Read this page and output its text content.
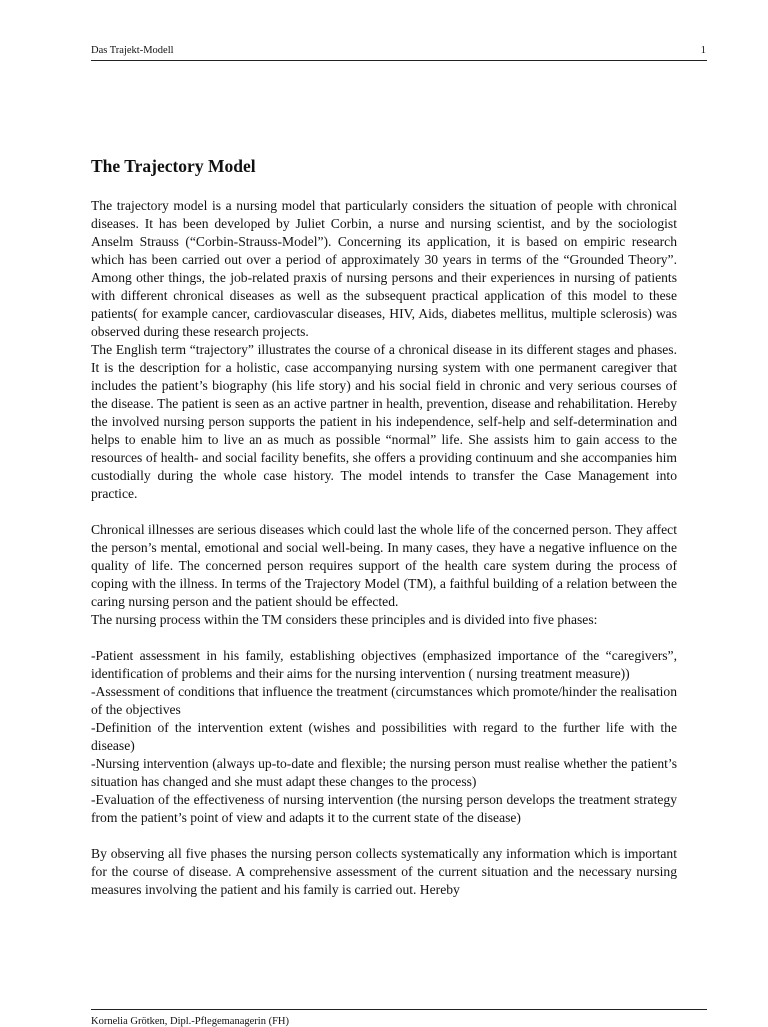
Das Trajekt-Modell	1
The Trajectory Model

The trajectory model is a nursing model that particularly considers the situation of people with chronical diseases. It has been developed by Juliet Corbin, a nurse and nursing scientist, and by the sociologist Anselm Strauss (“Corbin-Strauss-Model”). Concerning its application, it is based on empiric research which has been carried out over a period of approximately 30 years in terms of the “Grounded Theory”. Among other things, the job-related praxis of nursing persons and their experiences in nursing of patients with different chronical diseases as well as the subsequent practical application of this model to these patients( for example cancer, cardiovascular diseases, HIV, Aids, diabetes mellitus, multiple sclerosis) was observed during these research projects.

The English term “trajectory” illustrates the course of a chronical disease in its different stages and phases. It is the description for a holistic, case accompanying nursing system with one permanent caregiver that includes the patient’s biography (his life story) and his social field in chronic and very serious courses of the disease. The patient is seen as an active partner in health, prevention, disease and rehabilitation. Hereby the involved nursing person supports the patient in his independence, self-help and self-determination and helps to enable him to live an as much as possible “normal” life. She assists him to gain access to the resources of health- and social facility benefits, she offers a providing continuum and she accompanies him custodially during the whole case history. The model intends to transfer the Case Management into practice.

Chronical illnesses are serious diseases which could last the whole life of the concerned person. They affect the person’s mental, emotional and social well-being. In many cases, they have a negative influence on the quality of life. The concerned person requires support of the health care system during the process of coping with the illness. In terms of the Trajectory Model (TM), a faithful building of a relation between the caring nursing person and the patient should be effected.

The nursing process within the TM considers these principles and is divided into five phases:

-Patient assessment in his family, establishing objectives (emphasized importance of the “caregivers”, identification of problems and their aims for the nursing intervention ( nursing treatment measure))

-Assessment of conditions that influence the treatment (circumstances which promote/hinder the realisation of the objectives

-Definition of the intervention extent (wishes and possibilities with regard to the further life with the disease)

-Nursing intervention (always up-to-date and flexible; the nursing person must realise whether the patient’s situation has changed and she must adapt these changes to the process)

-Evaluation of the effectiveness of nursing intervention (the nursing person develops the treatment strategy from the patient’s point of view and adapts it to the current state of the disease)

By observing all five phases the nursing person collects systematically any information which is important for the course of disease. A comprehensive assessment of the current situation and the necessary nursing measures involving the patient and his family is carried out. Hereby

Kornelia Grötken, Dipl.-Pflegemanagerin (FH)
